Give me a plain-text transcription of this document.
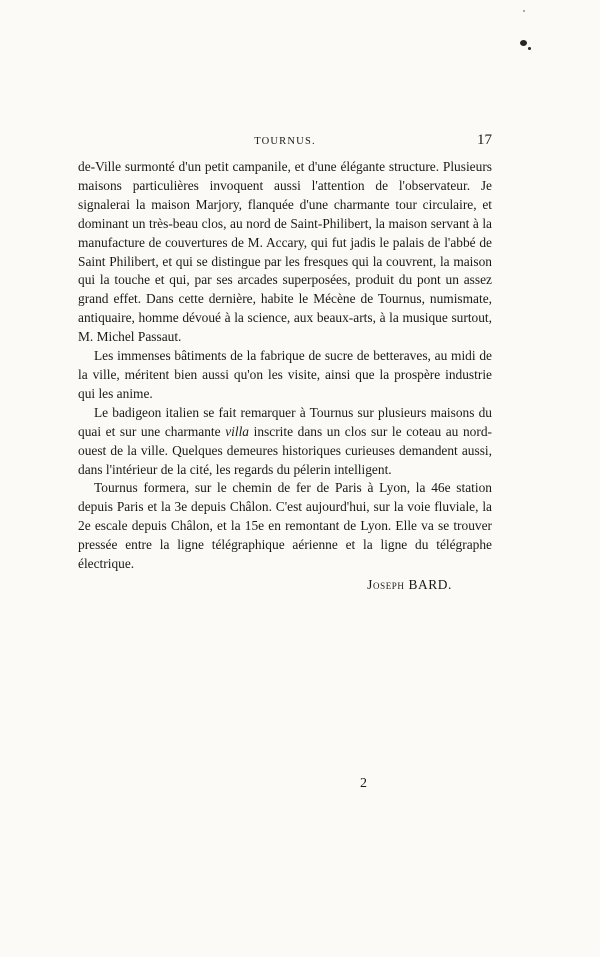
TOURNUS.	17

de-Ville surmonté d'un petit campanile, et d'une élégante structure. Plusieurs maisons particulières invoquent aussi l'attention de l'observateur. Je signalerai la maison Marjory, flanquée d'une charmante tour circulaire, et dominant un très-beau clos, au nord de Saint-Philibert, la maison servant à la manufacture de couvertures de M. Accary, qui fut jadis le palais de l'abbé de Saint Philibert, et qui se distingue par les fresques qui la couvrent, la maison qui la touche et qui, par ses arcades superposées, produit du pont un assez grand effet. Dans cette dernière, habite le Mécène de Tournus, numismate, antiquaire, homme dévoué à la science, aux beaux-arts, à la musique surtout, M. Michel Passaut.

Les immenses bâtiments de la fabrique de sucre de betteraves, au midi de la ville, méritent bien aussi qu'on les visite, ainsi que la prospère industrie qui les anime.

Le badigeon italien se fait remarquer à Tournus sur plusieurs maisons du quai et sur une charmante villa inscrite dans un clos sur le coteau au nord-ouest de la ville. Quelques demeures historiques curieuses demandent aussi, dans l'intérieur de la cité, les regards du pélerin intelligent.

Tournus formera, sur le chemin de fer de Paris à Lyon, la 46e station depuis Paris et la 3e depuis Châlon. C'est aujourd'hui, sur la voie fluviale, la 2e escale depuis Châlon, et la 15e en remontant de Lyon. Elle va se trouver pressée entre la ligne télégraphique aérienne et la ligne du télégraphe électrique.

Joseph BARD.

2
